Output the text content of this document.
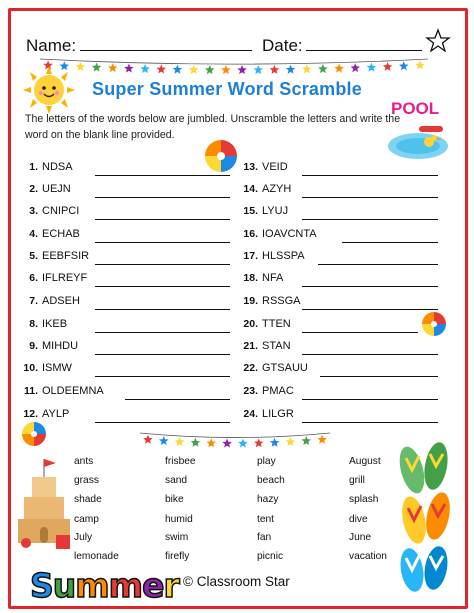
Name:	Date:
Super Summer Word Scramble
POOL
The letters of the words below are jumbled. Unscramble the letters and write the word on the blank line provided.
1. NDSA
2. UEJN
3. CNIPCI
4. ECHAB
5. EEBFSIR
6. IFLREYF
7. ADSEH
8. IKEB
9. MIHDU
10. ISMW
11. OLDEEMNA
12. AYLP
13. VEID
14. AZYH
15. LYUJ
16. IOAVCNTA
17. HLSSPA
18. NFA
19. RSSGA
20. TTEN
21. STAN
22. GTSAUU
23. PMAC
24. LILGR
ants
grass
shade
camp
July
lemonade
frisbee
sand
bike
humid
swim
firefly
play
beach
hazy
tent
fan
picnic
August
grill
splash
dive
June
vacation
Summer © Classroom Star
